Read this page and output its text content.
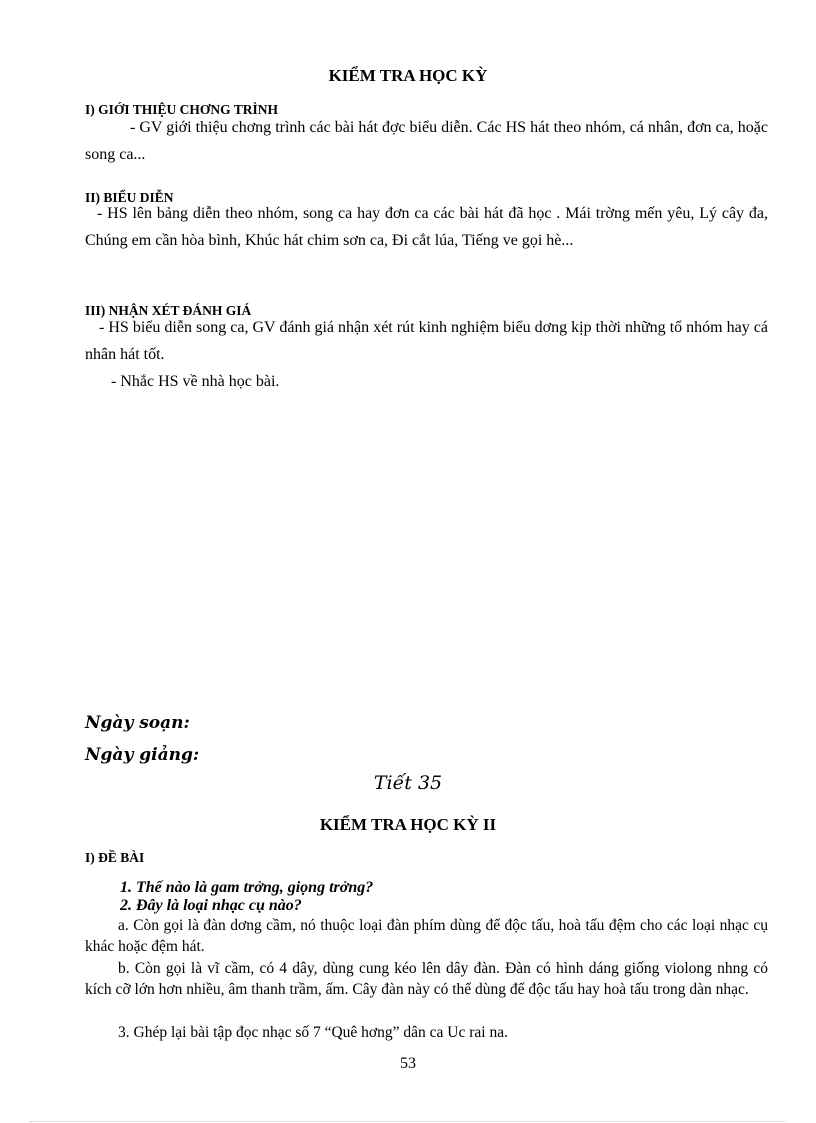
KIỂM TRA HỌC KỲ
I) GIỚI THIỆU CHƠNG TRÌNH

- GV giới thiệu chơng trình các bài hát đợc biểu diễn. Các HS hát theo nhóm, cá nhân, đơn ca, hoặc song ca...

II) BIỂU DIỄN

- HS lên bảng diễn theo nhóm, song ca hay đơn ca các bài hát đã học . Mái trờng mến yêu, Lý cây đa, Chúng em cần hòa bình, Khúc hát chim sơn ca, Đi cắt lúa, Tiếng ve gọi hè...

III) NHẬN XÉT ĐÁNH GIÁ

- HS biểu diễn song ca, GV đánh giá nhận xét rút kinh nghiệm biểu dơng kịp thời những tổ nhóm hay cá nhân hát tốt.

- Nhắc HS về nhà học bài.

Ngày soạn:
Ngày giảng:
Tiết 35
KIỂM TRA HỌC KỲ II
I) ĐỀ BÀI
1. Thế nào là gam trởng, giọng trởng?
2. Đây là loại nhạc cụ nào?

a. Còn gọi là đàn dơng cầm, nó thuộc loại đàn phím dùng để độc tấu, hoà tấu đệm cho các loại nhạc cụ khác hoặc đệm hát.

b. Còn gọi là vĩ cầm, có 4 dây, dùng cung kéo lên dây đàn. Đàn có hình dáng giống violong nhng có kích cỡ lớn hơn nhiều, âm thanh trầm, ấm. Cây đàn này có thể dùng để độc tấu hay hoà tấu trong dàn nhạc.

3. Ghép lại bài tập đọc nhạc số 7 “Quê hơng” dân ca Uc rai na.

53
